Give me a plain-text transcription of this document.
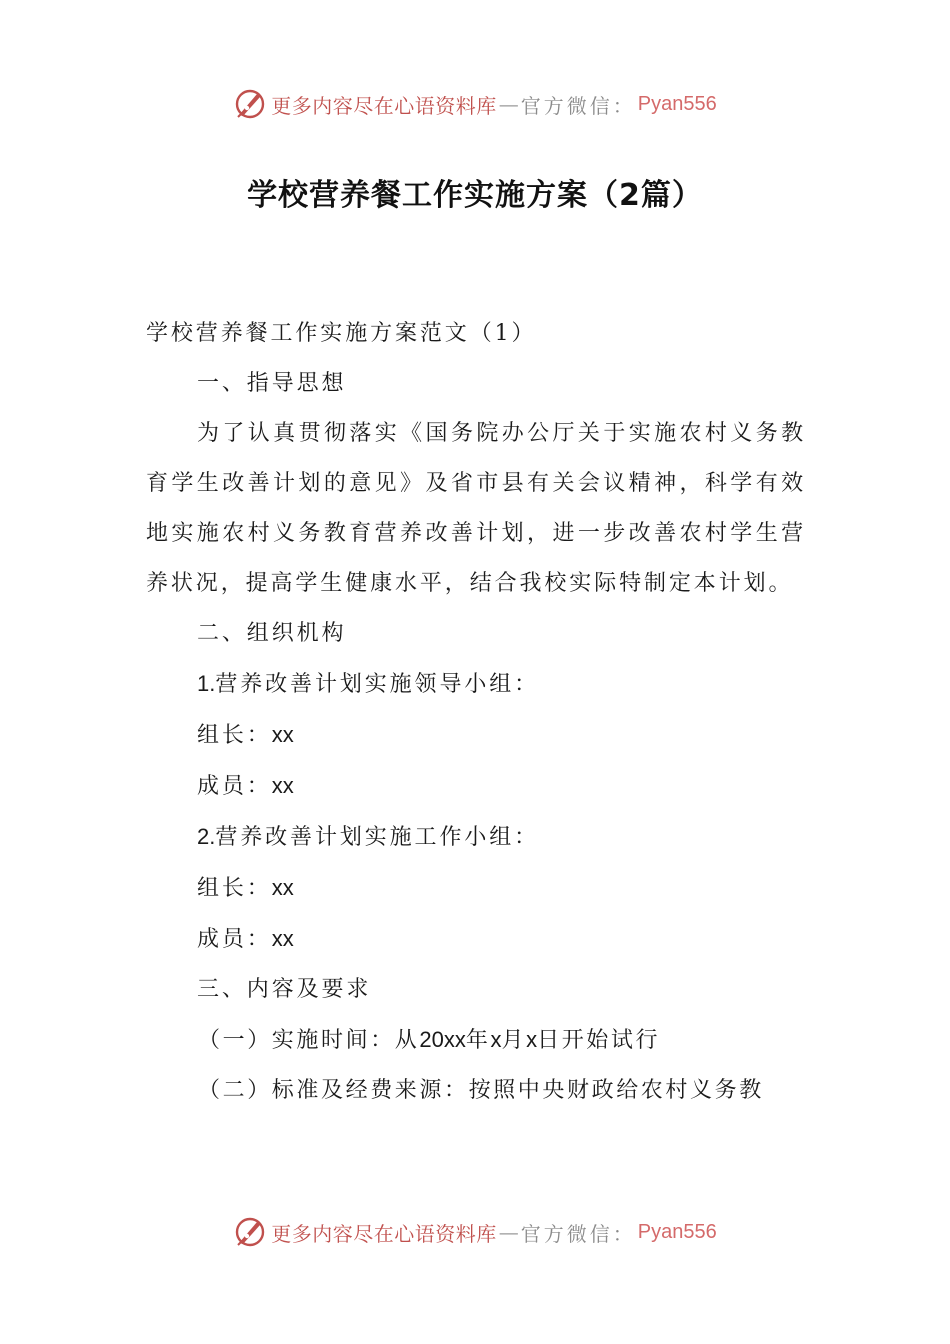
更多内容尽在心语资料库 — 官方微信： Pyan556
学校营养餐工作实施方案（2篇）

学校营养餐工作实施方案范文（1）

一、指导思想

为了认真贯彻落实《国务院办公厅关于实施农村义务教育学生改善计划的意见》及省市县有关会议精神，科学有效地实施农村义务教育营养改善计划，进一步改善农村学生营养状况，提高学生健康水平，结合我校实际特制定本计划。

二、组织机构

1.营养改善计划实施领导小组：

组长：xx

成员：xx

2.营养改善计划实施工作小组：

组长：xx

成员：xx

三、内容及要求

（一）实施时间：从20xx年x月x日开始试行

（二）标准及经费来源：按照中央财政给农村义务教

更多内容尽在心语资料库 — 官方微信： Pyan556
